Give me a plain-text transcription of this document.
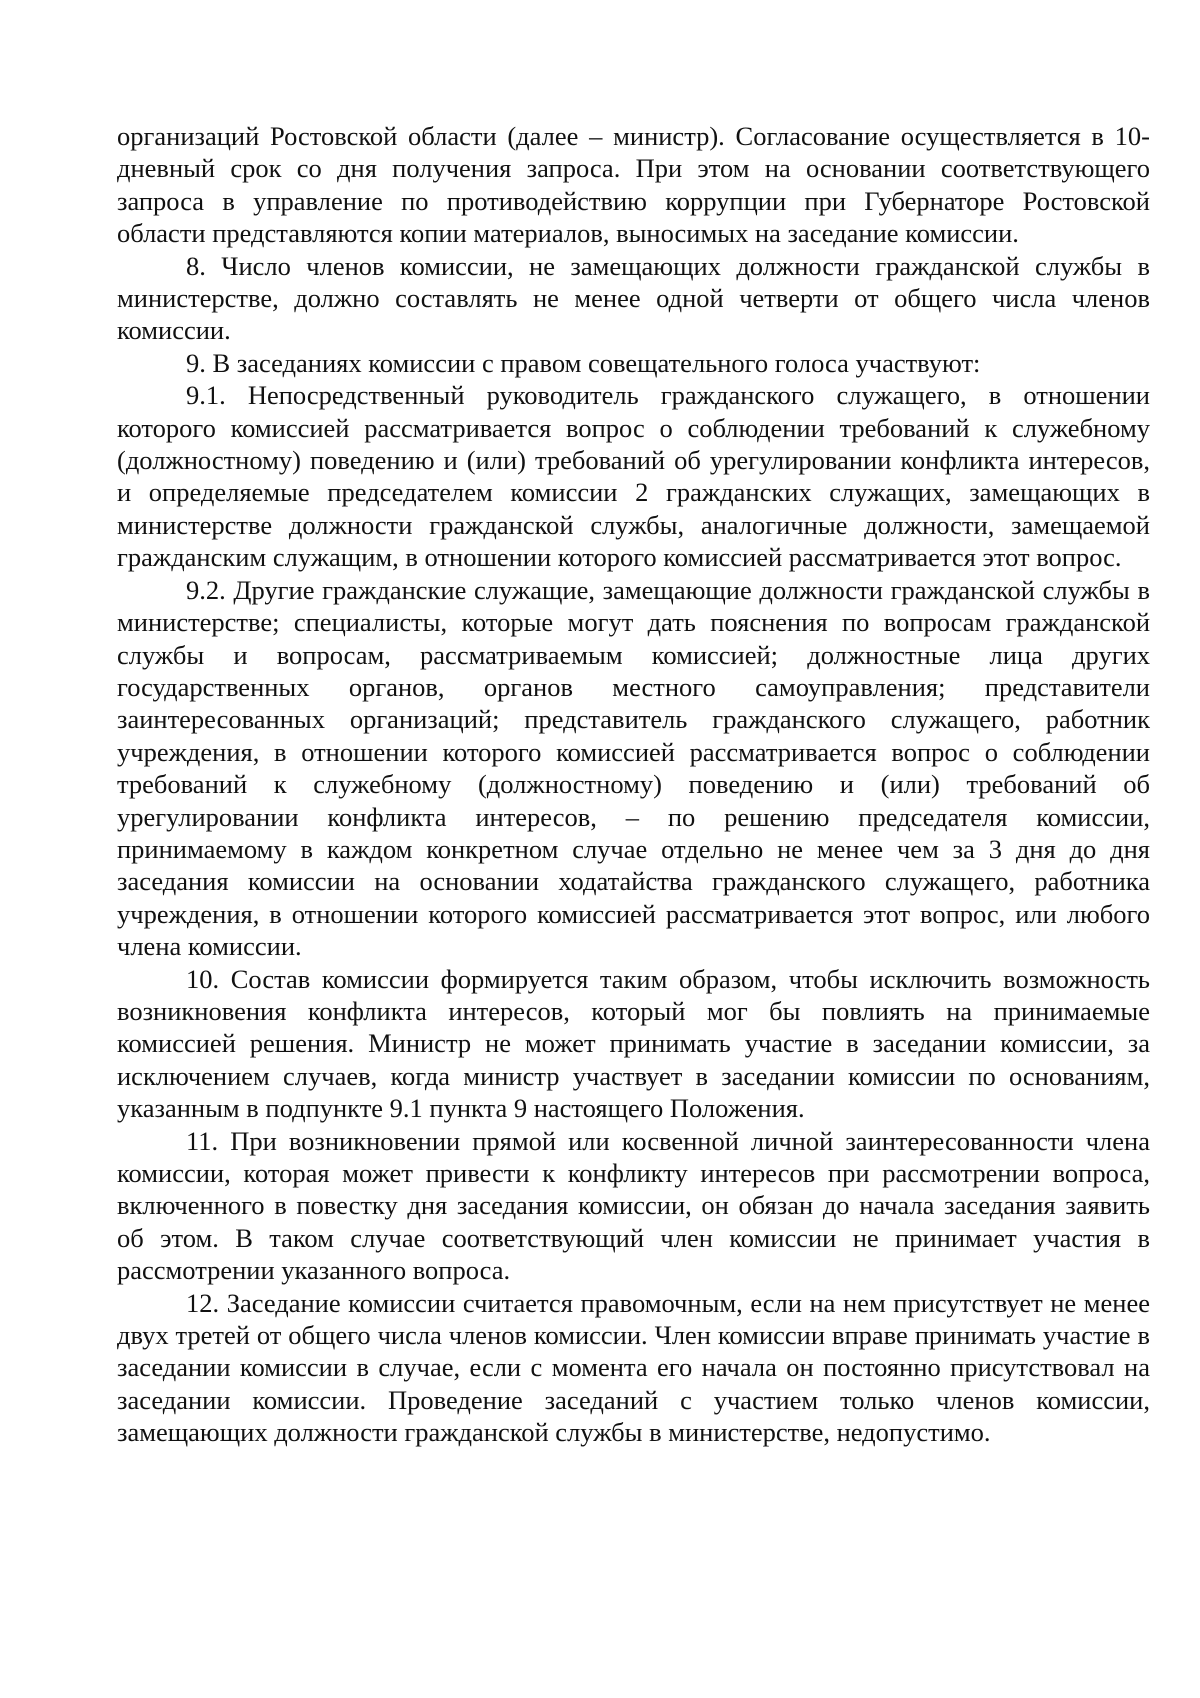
организаций Ростовской области (далее – министр). Согласование осуществляется в 10-дневный срок со дня получения запроса. При этом на основании соответствующего запроса в управление по противодействию коррупции при Губернаторе Ростовской области представляются копии материалов, выносимых на заседание комиссии.

8. Число членов комиссии, не замещающих должности гражданской службы в министерстве, должно составлять не менее одной четверти от общего числа членов комиссии.

9. В заседаниях комиссии с правом совещательного голоса участвуют:

9.1. Непосредственный руководитель гражданского служащего, в отношении которого комиссией рассматривается вопрос о соблюдении требований к служебному (должностному) поведению и (или) требований об урегулировании конфликта интересов, и определяемые председателем комиссии 2 гражданских служащих, замещающих в министерстве должности гражданской службы, аналогичные должности, замещаемой гражданским служащим, в отношении которого комиссией рассматривается этот вопрос.

9.2. Другие гражданские служащие, замещающие должности гражданской службы в министерстве; специалисты, которые могут дать пояснения по вопросам гражданской службы и вопросам, рассматриваемым комиссией; должностные лица других государственных органов, органов местного самоуправления; представители заинтересованных организаций; представитель гражданского служащего, работник учреждения, в отношении которого комиссией рассматривается вопрос о соблюдении требований к служебному (должностному) поведению и (или) требований об урегулировании конфликта интересов, – по решению председателя комиссии, принимаемому в каждом конкретном случае отдельно не менее чем за 3 дня до дня заседания комиссии на основании ходатайства гражданского служащего, работника учреждения, в отношении которого комиссией рассматривается этот вопрос, или любого члена комиссии.

10. Состав комиссии формируется таким образом, чтобы исключить возможность возникновения конфликта интересов, который мог бы повлиять на принимаемые комиссией решения. Министр не может принимать участие в заседании комиссии, за исключением случаев, когда министр участвует в заседании комиссии по основаниям, указанным в подпункте 9.1 пункта 9 настоящего Положения.

11. При возникновении прямой или косвенной личной заинтересованности члена комиссии, которая может привести к конфликту интересов при рассмотрении вопроса, включенного в повестку дня заседания комиссии, он обязан до начала заседания заявить об этом. В таком случае соответствующий член комиссии не принимает участия в рассмотрении указанного вопроса.

12. Заседание комиссии считается правомочным, если на нем присутствует не менее двух третей от общего числа членов комиссии. Член комиссии вправе принимать участие в заседании комиссии в случае, если с момента его начала он постоянно присутствовал на заседании комиссии. Проведение заседаний с участием только членов комиссии, замещающих должности гражданской службы в министерстве, недопустимо.
